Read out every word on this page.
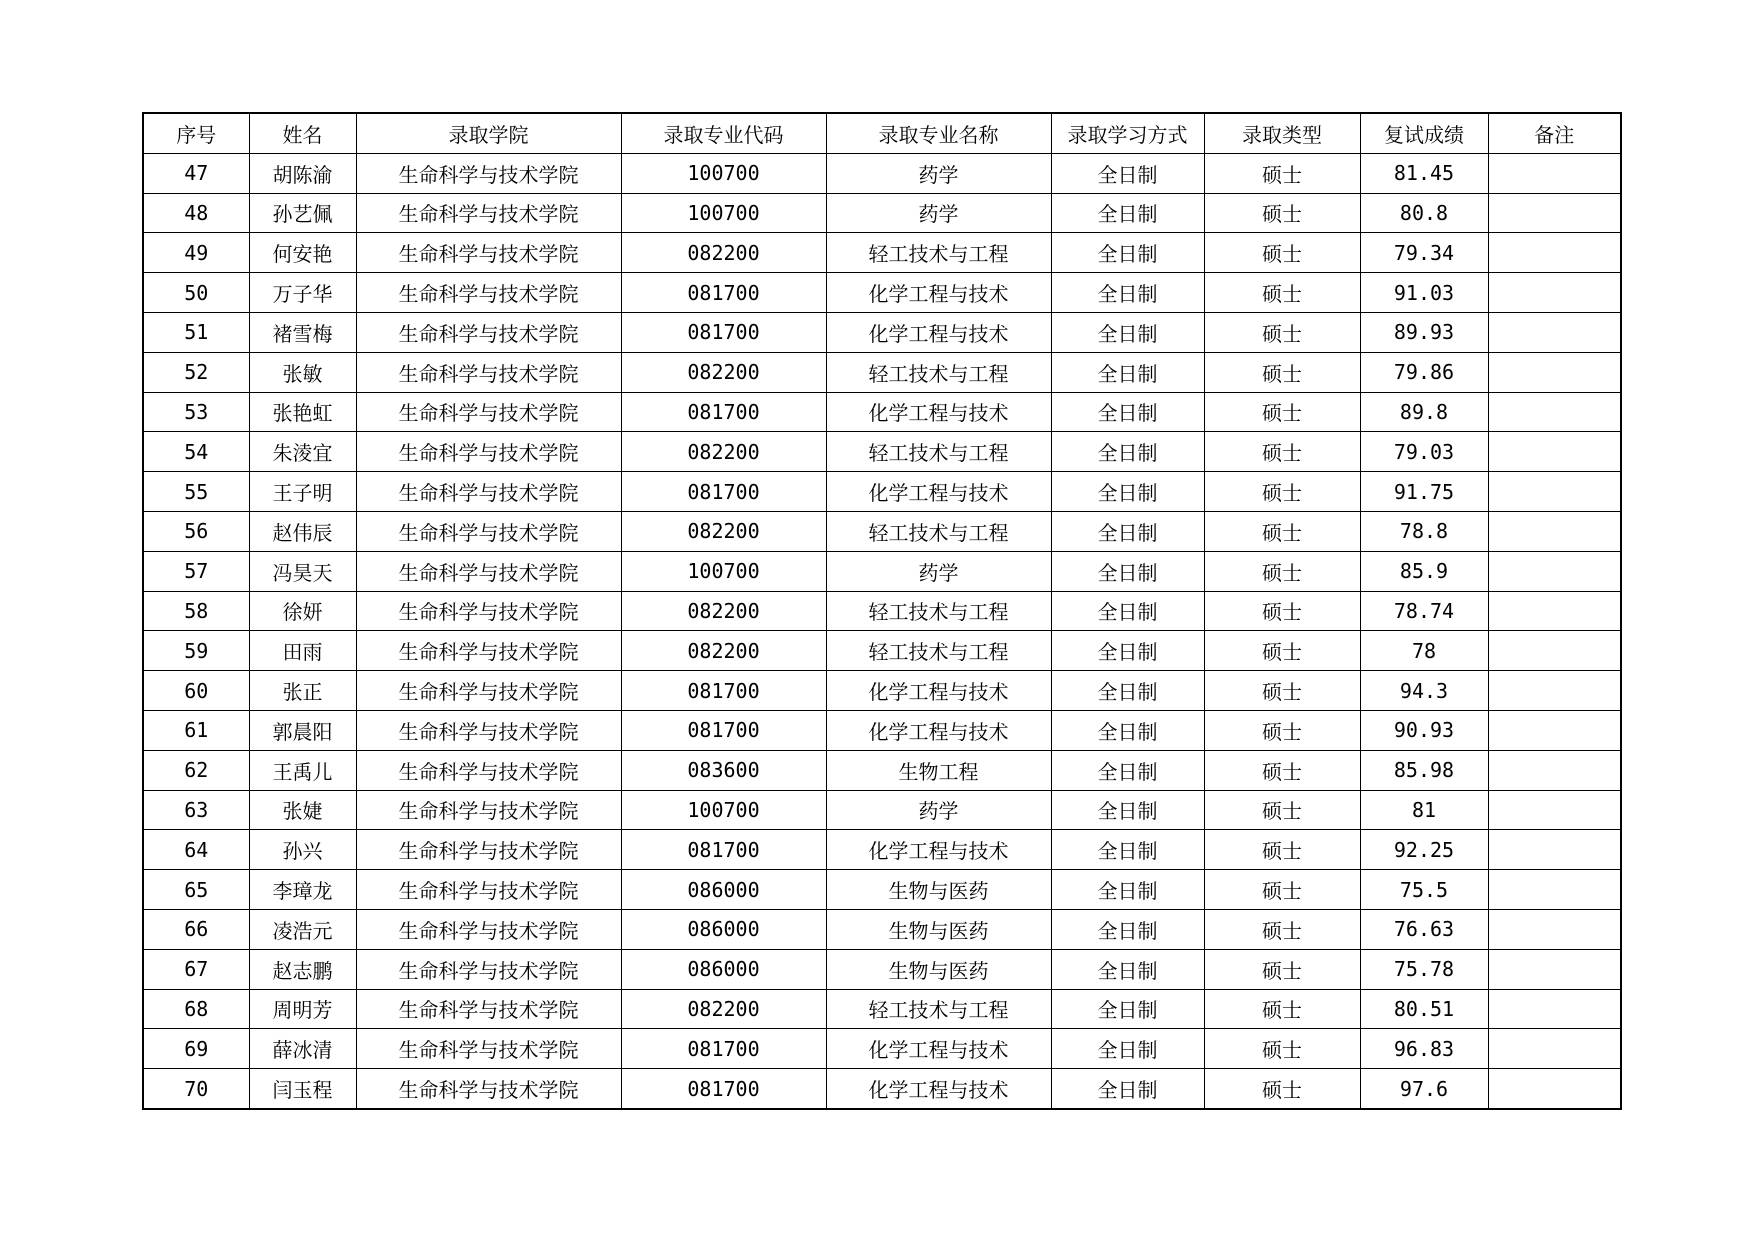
序号	姓名	录取学院	录取专业代码	录取专业名称	录取学习方式	录取类型	复试成绩	备注
47	胡陈渝	生命科学与技术学院	100700	药学	全日制	硕士	81.45	
48	孙艺佩	生命科学与技术学院	100700	药学	全日制	硕士	80.8	
49	何安艳	生命科学与技术学院	082200	轻工技术与工程	全日制	硕士	79.34	
50	万子华	生命科学与技术学院	081700	化学工程与技术	全日制	硕士	91.03	
51	褚雪梅	生命科学与技术学院	081700	化学工程与技术	全日制	硕士	89.93	
52	张敏	生命科学与技术学院	082200	轻工技术与工程	全日制	硕士	79.86	
53	张艳虹	生命科学与技术学院	081700	化学工程与技术	全日制	硕士	89.8	
54	朱淩宜	生命科学与技术学院	082200	轻工技术与工程	全日制	硕士	79.03	
55	王子明	生命科学与技术学院	081700	化学工程与技术	全日制	硕士	91.75	
56	赵伟辰	生命科学与技术学院	082200	轻工技术与工程	全日制	硕士	78.8	
57	冯昊天	生命科学与技术学院	100700	药学	全日制	硕士	85.9	
58	徐妍	生命科学与技术学院	082200	轻工技术与工程	全日制	硕士	78.74	
59	田雨	生命科学与技术学院	082200	轻工技术与工程	全日制	硕士	78	
60	张正	生命科学与技术学院	081700	化学工程与技术	全日制	硕士	94.3	
61	郭晨阳	生命科学与技术学院	081700	化学工程与技术	全日制	硕士	90.93	
62	王禹儿	生命科学与技术学院	083600	生物工程	全日制	硕士	85.98	
63	张婕	生命科学与技术学院	100700	药学	全日制	硕士	81	
64	孙兴	生命科学与技术学院	081700	化学工程与技术	全日制	硕士	92.25	
65	李璋龙	生命科学与技术学院	086000	生物与医药	全日制	硕士	75.5	
66	凌浩元	生命科学与技术学院	086000	生物与医药	全日制	硕士	76.63	
67	赵志鹏	生命科学与技术学院	086000	生物与医药	全日制	硕士	75.78	
68	周明芳	生命科学与技术学院	082200	轻工技术与工程	全日制	硕士	80.51	
69	薛冰清	生命科学与技术学院	081700	化学工程与技术	全日制	硕士	96.83	
70	闫玉程	生命科学与技术学院	081700	化学工程与技术	全日制	硕士	97.6	
